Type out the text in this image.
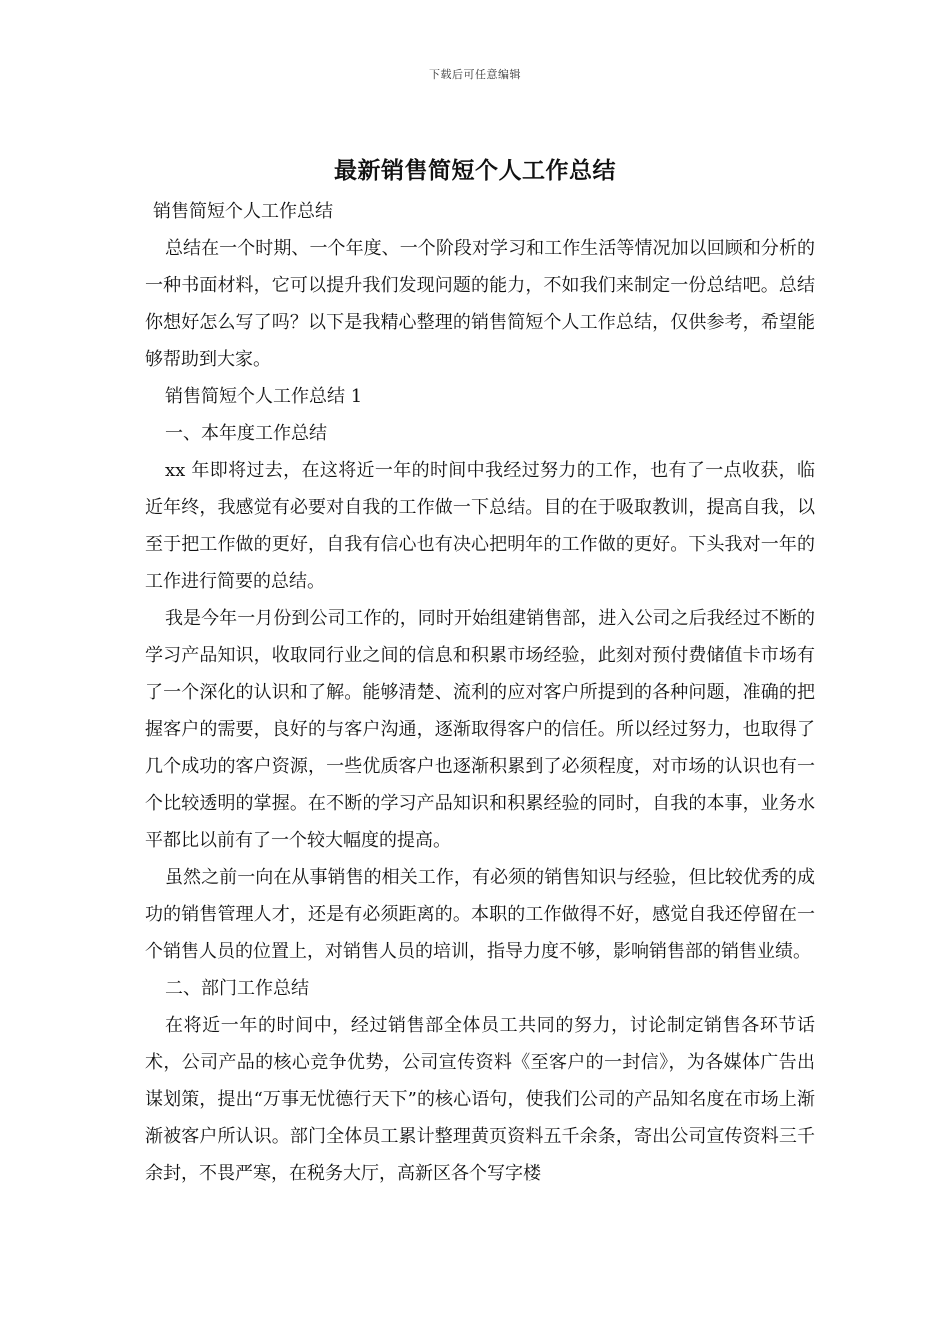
下载后可任意编辑
最新销售简短个人工作总结

销售简短个人工作总结

总结在一个时期、一个年度、一个阶段对学习和工作生活等情况加以回顾和分析的一种书面材料，它可以提升我们发现问题的能力，不如我们来制定一份总结吧。总结你想好怎么写了吗？以下是我精心整理的销售简短个人工作总结，仅供参考，希望能够帮助到大家。

销售简短个人工作总结 1

一、本年度工作总结

xx 年即将过去，在这将近一年的时间中我经过努力的工作，也有了一点收获，临近年终，我感觉有必要对自我的工作做一下总结。目的在于吸取教训，提高自我，以至于把工作做的更好，自我有信心也有决心把明年的工作做的更好。下头我对一年的工作进行简要的总结。

我是今年一月份到公司工作的，同时开始组建销售部，进入公司之后我经过不断的学习产品知识，收取同行业之间的信息和积累市场经验，此刻对预付费储值卡市场有了一个深化的认识和了解。能够清楚、流利的应对客户所提到的各种问题，准确的把握客户的需要，良好的与客户沟通，逐渐取得客户的信任。所以经过努力，也取得了几个成功的客户资源，一些优质客户也逐渐积累到了必须程度，对市场的认识也有一个比较透明的掌握。在不断的学习产品知识和积累经验的同时，自我的本事，业务水平都比以前有了一个较大幅度的提高。

虽然之前一向在从事销售的相关工作，有必须的销售知识与经验，但比较优秀的成功的销售管理人才，还是有必须距离的。本职的工作做得不好，感觉自我还停留在一个销售人员的位置上，对销售人员的培训，指导力度不够，影响销售部的销售业绩。

二、部门工作总结

在将近一年的时间中，经过销售部全体员工共同的努力，讨论制定销售各环节话术，公司产品的核心竞争优势，公司宣传资料《至客户的一封信》，为各媒体广告出谋划策，提出“万事无忧德行天下”的核心语句，使我们公司的产品知名度在市场上渐渐被客户所认识。部门全体员工累计整理黄页资料五千余条，寄出公司宣传资料三千余封，不畏严寒，在税务大厅，高新区各个写字楼
